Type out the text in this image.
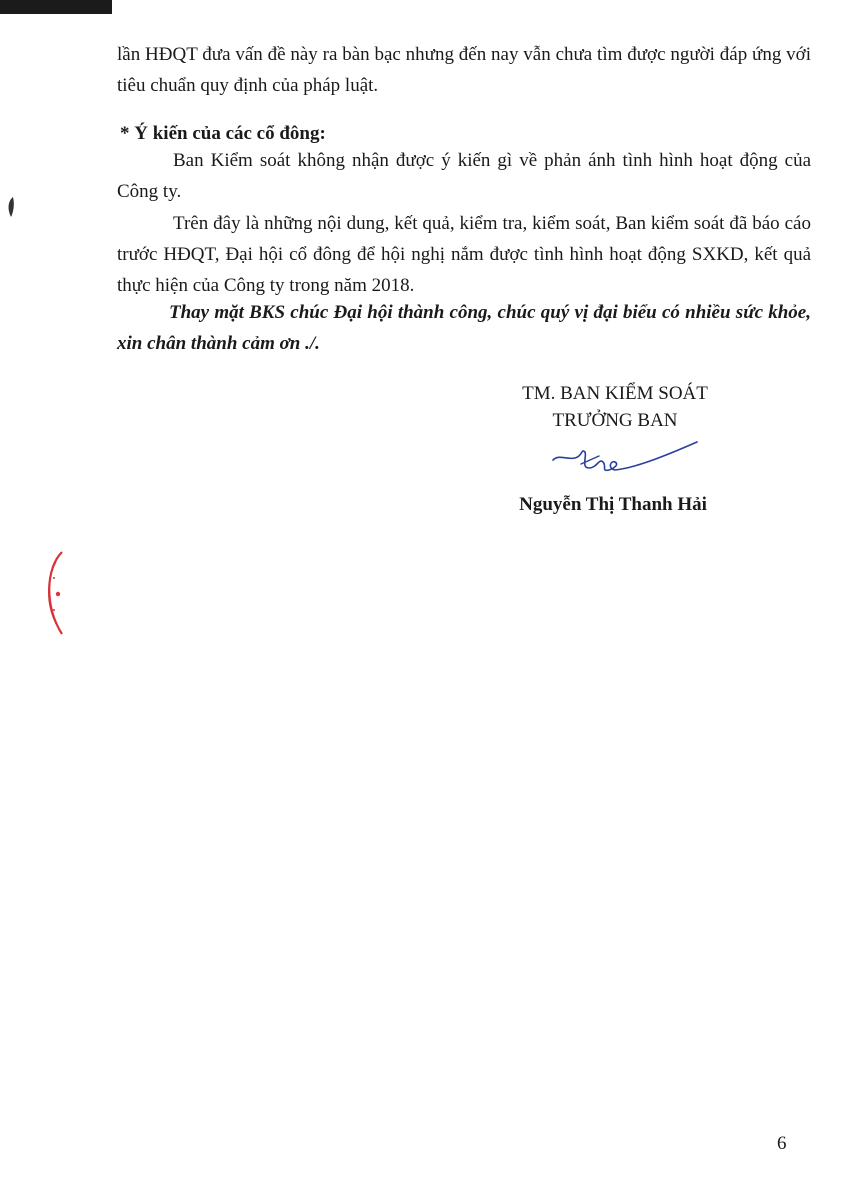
lần HĐQT đưa vấn đề này ra bàn bạc nhưng đến nay vẫn chưa tìm được người đáp ứng với tiêu chuẩn quy định của pháp luật.

* Ý kiến của các cổ đông:

Ban Kiểm soát không nhận được ý kiến gì về phản ánh tình hình hoạt động của Công ty.

Trên đây là những nội dung, kết quả, kiểm tra, kiểm soát, Ban kiểm soát đã báo cáo trước HĐQT, Đại hội cổ đông để hội nghị nắm được tình hình hoạt động SXKD, kết quả thực hiện của Công ty trong năm 2018.

Thay mặt BKS chúc Đại hội thành công, chúc quý vị đại biểu có nhiều sức khỏe, xin chân thành cảm ơn ./.

TM. BAN KIỂM SOÁT
TRƯỞNG BAN
Nguyễn Thị Thanh Hải
6
